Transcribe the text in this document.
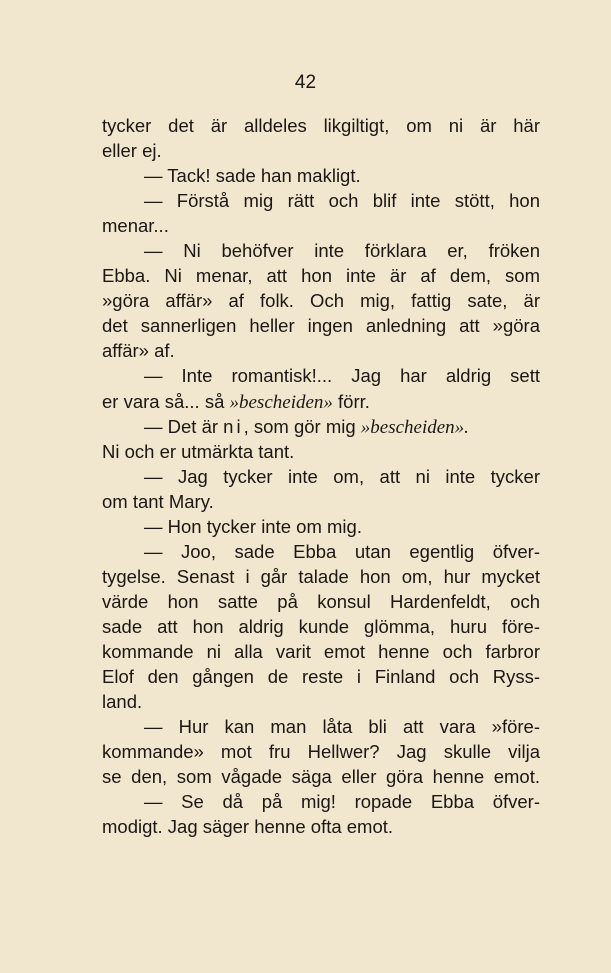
42
tycker det är alldeles likgiltigt, om ni är här
eller ej.
— Tack! sade han makligt.
— Förstå mig rätt och blif inte stött, hon
menar...
— Ni behöfver inte förklara er, fröken
Ebba. Ni menar, att hon inte är af dem, som
»göra affär» af folk. Och mig, fattig sate, är
det sannerligen heller ingen anledning att »göra
affär» af.
— Inte romantisk!... Jag har aldrig sett
er vara så... så »bescheiden» förr.
— Det är ni, som gör mig »bescheiden».
Ni och er utmärkta tant.
— Jag tycker inte om, att ni inte tycker
om tant Mary.
— Hon tycker inte om mig.
— Joo, sade Ebba utan egentlig öfver-
tygelse. Senast i går talade hon om, hur mycket
värde hon satte på konsul Hardenfeldt, och
sade att hon aldrig kunde glömma, huru före-
kommande ni alla varit emot henne och farbror
Elof den gången de reste i Finland och Ryss-
land.
— Hur kan man låta bli att vara »före-
kommande» mot fru Hellwer? Jag skulle vilja
se den, som vågade säga eller göra henne emot.
— Se då på mig! ropade Ebba öfver-
modigt. Jag säger henne ofta emot.
